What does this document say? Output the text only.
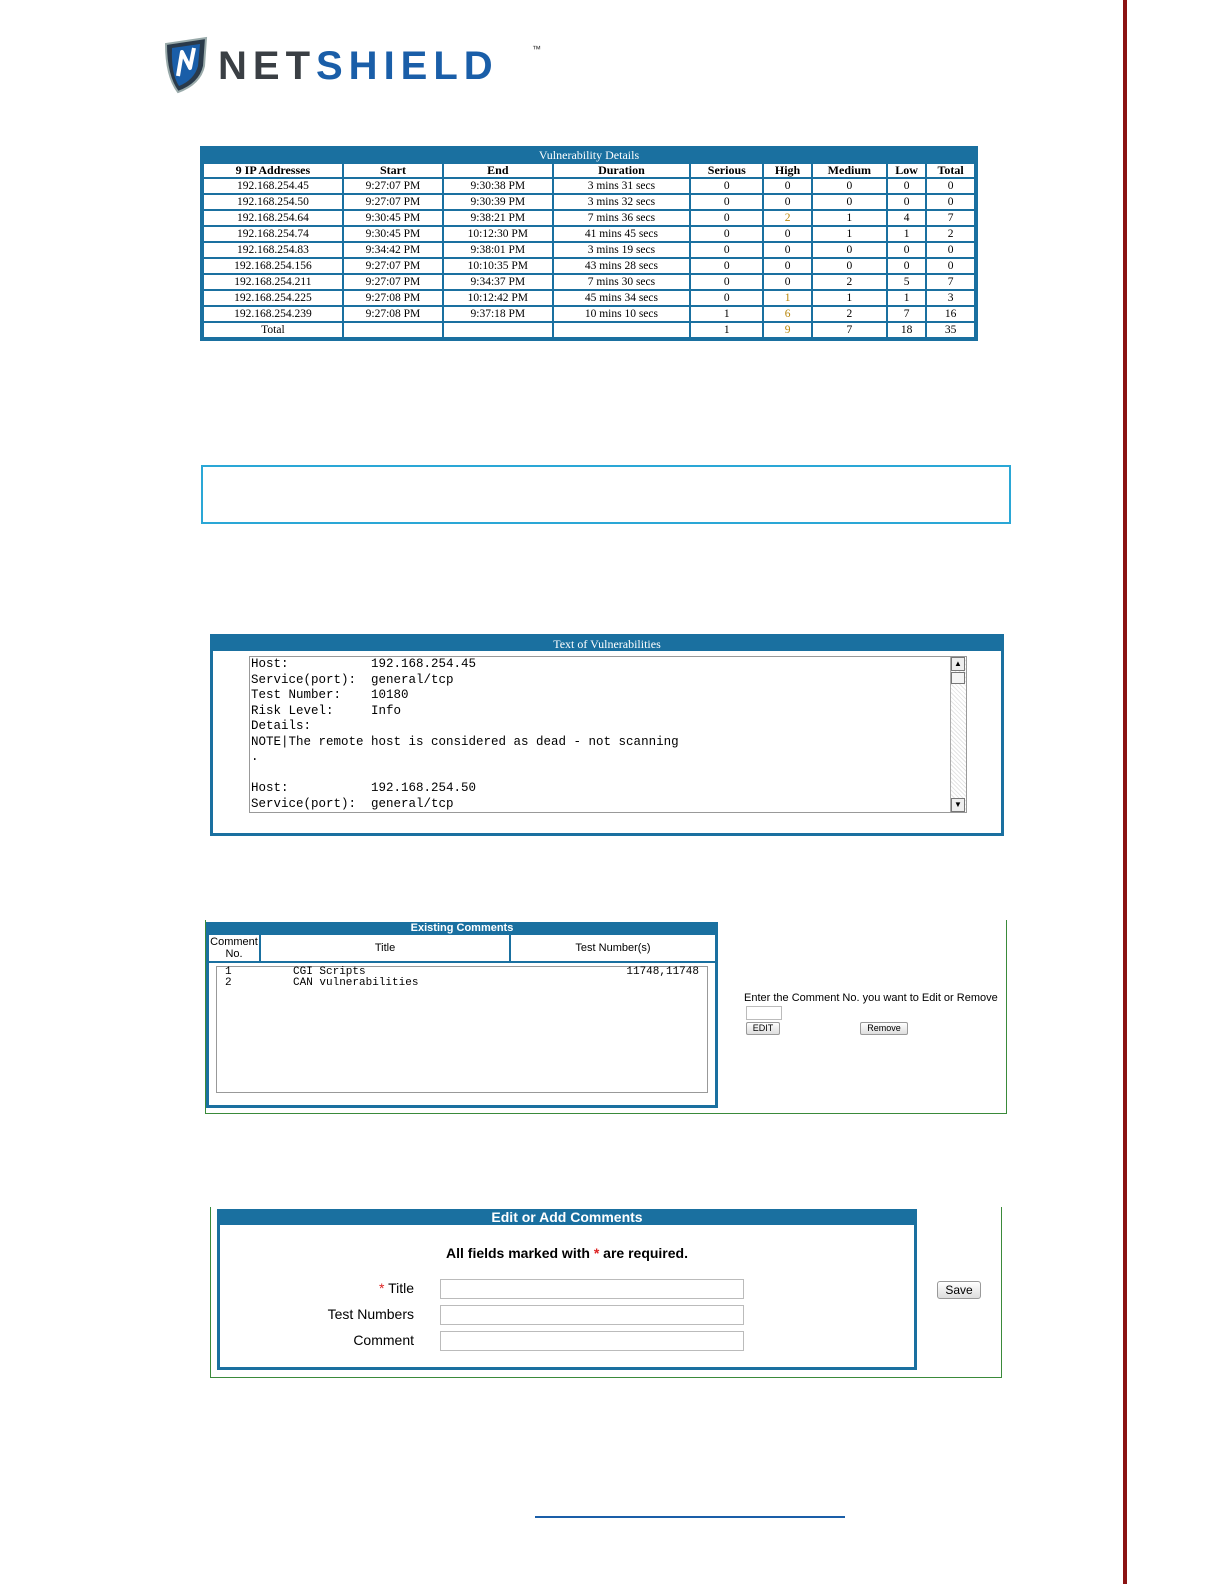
NETSHIELD	™
Vulnerability Details
9 IP Addresses	Start	End	Duration	Serious	High	Medium	Low	Total
192.168.254.45	9:27:07 PM	9:30:38 PM	3 mins 31 secs	0	0	0	0	0
192.168.254.50	9:27:07 PM	9:30:39 PM	3 mins 32 secs	0	0	0	0	0
192.168.254.64	9:30:45 PM	9:38:21 PM	7 mins 36 secs	0	2	1	4	7
192.168.254.74	9:30:45 PM	10:12:30 PM	41 mins 45 secs	0	0	1	1	2
192.168.254.83	9:34:42 PM	9:38:01 PM	3 mins 19 secs	0	0	0	0	0
192.168.254.156	9:27:07 PM	10:10:35 PM	43 mins 28 secs	0	0	0	0	0
192.168.254.211	9:27:07 PM	9:34:37 PM	7 mins 30 secs	0	0	2	5	7
192.168.254.225	9:27:08 PM	10:12:42 PM	45 mins 34 secs	0	1	1	1	3
192.168.254.239	9:27:08 PM	9:37:18 PM	10 mins 10 secs	1	6	2	7	16
Total				1	9	7	18	35
Text of Vulnerabilities
Host:           192.168.254.45
Service(port):  general/tcp
Test Number:    10180
Risk Level:     Info
Details:
NOTE|The remote host is considered as dead - not scanning
.

Host:           192.168.254.50
Service(port):  general/tcp
▲
▼
Existing Comments
Comment No.	Title	Test Number(s)
1	CGI Scripts	11748,11748
2	CAN vulnerabilities
Enter the Comment No. you want to Edit or Remove
EDIT	Remove
Edit or Add Comments
All fields marked with * are required.
* Title
Test Numbers
Comment
Save
